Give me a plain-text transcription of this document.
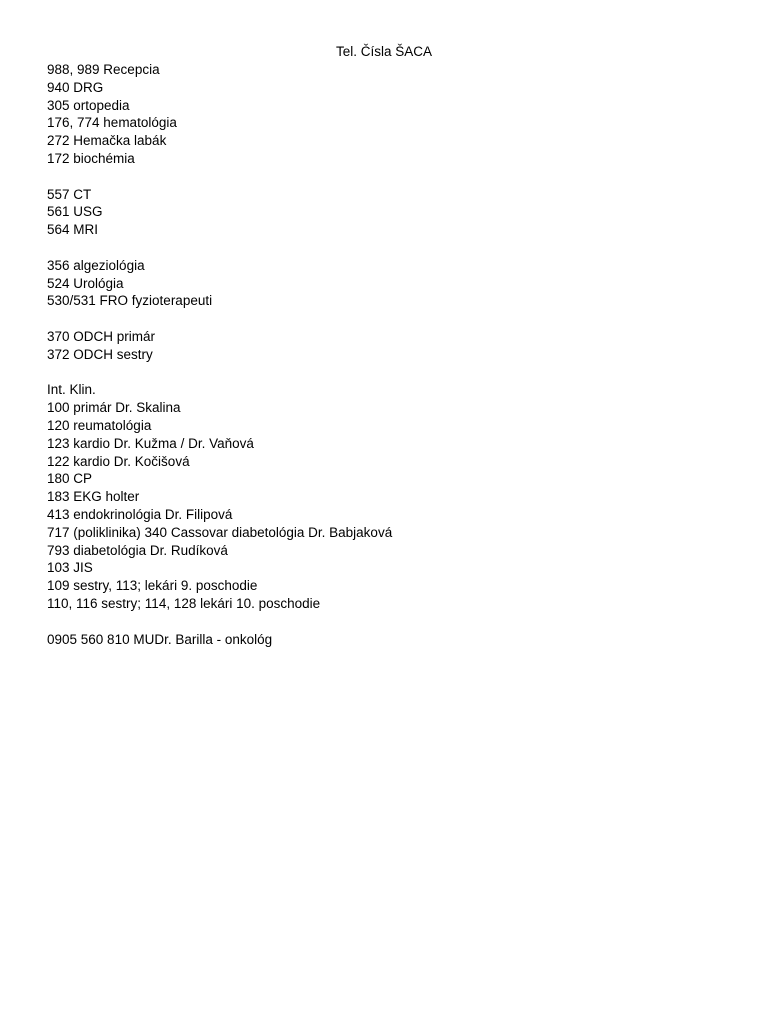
Tel. Čísla ŠACA
988, 989 Recepcia
940 DRG
305 ortopedia
176, 774 hematológia
272 Hemačka labák
172 biochémia
557 CT
561 USG
564 MRI
356 algeziológia
524 Urológia
530/531 FRO fyzioterapeuti
370 ODCH primár
372 ODCH sestry
Int. Klin.
100 primár Dr. Skalina
120 reumatológia
123 kardio Dr. Kužma / Dr. Vaňová
122 kardio Dr. Kočišová
180 CP
183 EKG holter
413 endokrinológia Dr. Filipová
717 (poliklinika) 340 Cassovar diabetológia Dr. Babjaková
793 diabetológia Dr. Rudíková
103 JIS
109 sestry, 113; lekári 9. poschodie
110, 116 sestry; 114, 128 lekári 10. poschodie
0905 560 810 MUDr. Barilla - onkológ
